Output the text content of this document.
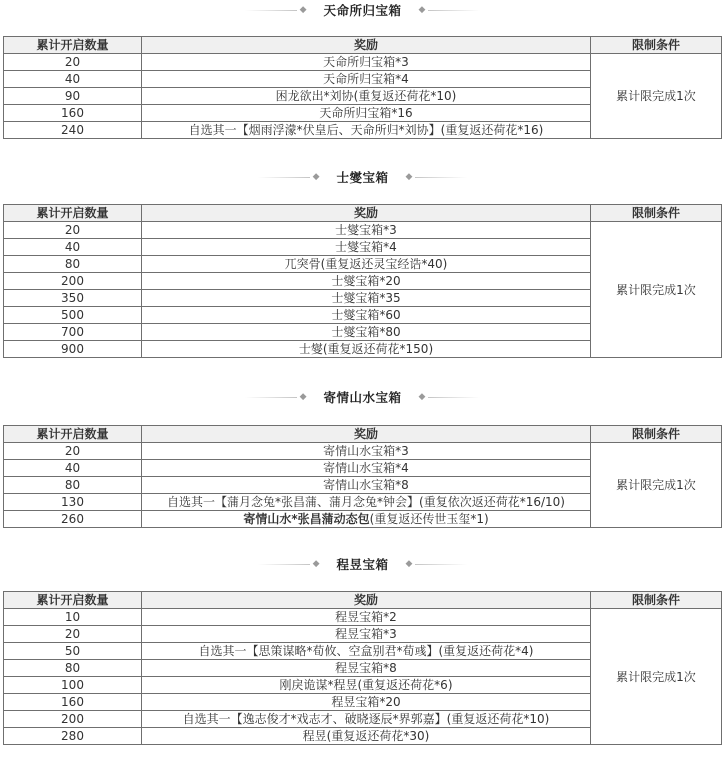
◆ 天命所归宝箱 ◆
累计开启数量	奖励	限制条件
20	天命所归宝箱*3	累计限完成1次
40	天命所归宝箱*4	
90	困龙欲出*刘协(重复返还荷花*10)	
160	天命所归宝箱*16	
240	自选其一【烟雨浮濛*伏皇后、天命所归*刘协】(重复返还荷花*16)	
◆ 士燮宝箱 ◆
累计开启数量	奖励	限制条件
20	士燮宝箱*3	累计限完成1次
40	士燮宝箱*4	
80	兀突骨(重复返还灵宝经诰*40)	
200	士燮宝箱*20	
350	士燮宝箱*35	
500	士燮宝箱*60	
700	士燮宝箱*80	
900	士燮(重复返还荷花*150)	
◆ 寄情山水宝箱 ◆
累计开启数量	奖励	限制条件
20	寄情山水宝箱*3	累计限完成1次
40	寄情山水宝箱*4	
80	寄情山水宝箱*8	
130	自选其一【蒲月念兔*张昌蒲、蒲月念兔*钟会】(重复依次返还荷花*16/10)	
260	寄情山水*张昌蒲动态包(重复返还传世玉玺*1)	
◆ 程昱宝箱 ◆
累计开启数量	奖励	限制条件
10	程昱宝箱*2	累计限完成1次
20	程昱宝箱*3	
50	自选其一【思策谋略*荀攸、空盒别君*荀彧】(重复返还荷花*4)	
80	程昱宝箱*8	
100	刚戾诡谋*程昱(重复返还荷花*6)	
160	程昱宝箱*20	
200	自选其一【逸志俊才*戏志才、破晓逐辰*界郭嘉】(重复返还荷花*10)	
280	程昱(重复返还荷花*30)	
